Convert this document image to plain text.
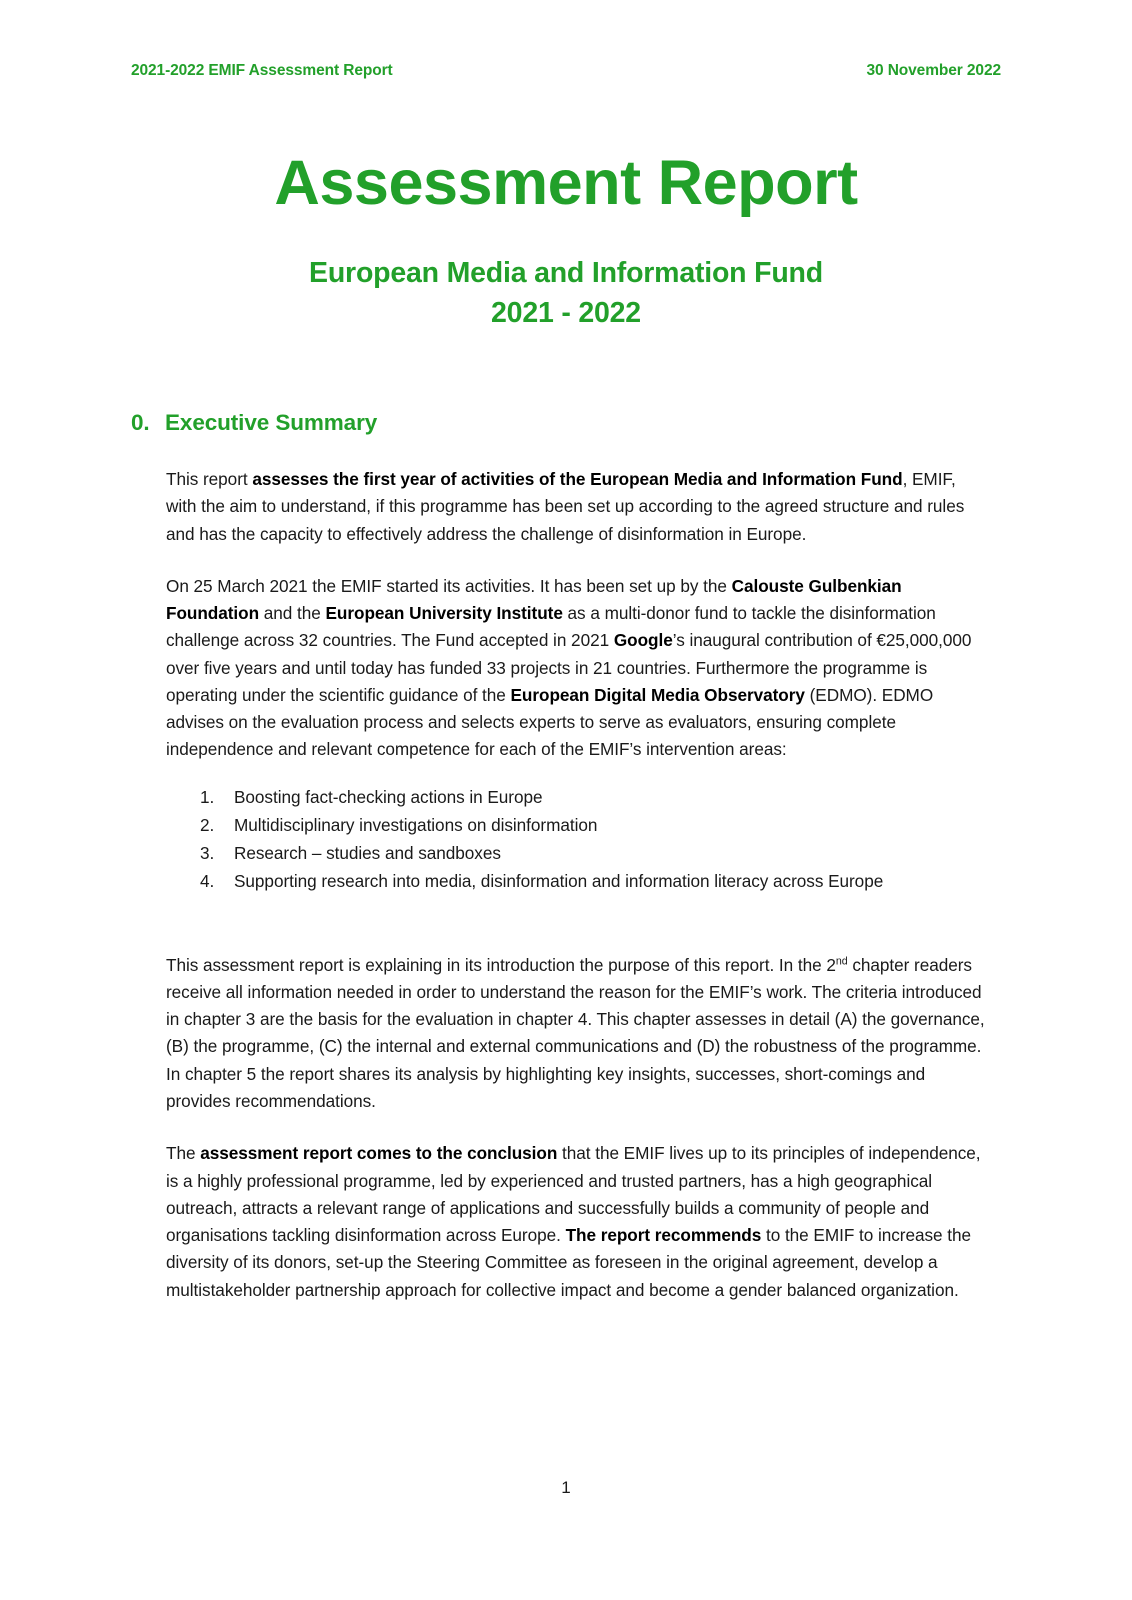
2021-2022 EMIF Assessment Report	30 November 2022
Assessment Report
European Media and Information Fund
2021 - 2022
0. Executive Summary

This report assesses the first year of activities of the European Media and Information Fund, EMIF, with the aim to understand, if this programme has been set up according to the agreed structure and rules and has the capacity to effectively address the challenge of disinformation in Europe.

On 25 March 2021 the EMIF started its activities. It has been set up by the Calouste Gulbenkian Foundation and the European University Institute as a multi-donor fund to tackle the disinformation challenge across 32 countries. The Fund accepted in 2021 Google’s inaugural contribution of €25,000,000 over five years and until today has funded 33 projects in 21 countries. Furthermore the programme is operating under the scientific guidance of the European Digital Media Observatory (EDMO). EDMO advises on the evaluation process and selects experts to serve as evaluators, ensuring complete independence and relevant competence for each of the EMIF’s intervention areas:

Boosting fact-checking actions in Europe
Multidisciplinary investigations on disinformation
Research – studies and sandboxes
Supporting research into media, disinformation and information literacy across Europe

This assessment report is explaining in its introduction the purpose of this report. In the 2nd chapter readers receive all information needed in order to understand the reason for the EMIF’s work. The criteria introduced in chapter 3 are the basis for the evaluation in chapter 4. This chapter assesses in detail (A) the governance, (B) the programme, (C) the internal and external communications and (D) the robustness of the programme. In chapter 5 the report shares its analysis by highlighting key insights, successes, short-comings and provides recommendations.

The assessment report comes to the conclusion that the EMIF lives up to its principles of independence, is a highly professional programme, led by experienced and trusted partners, has a high geographical outreach, attracts a relevant range of applications and successfully builds a community of people and organisations tackling disinformation across Europe. The report recommends to the EMIF to increase the diversity of its donors, set-up the Steering Committee as foreseen in the original agreement, develop a multistakeholder partnership approach for collective impact and become a gender balanced organization.

1
